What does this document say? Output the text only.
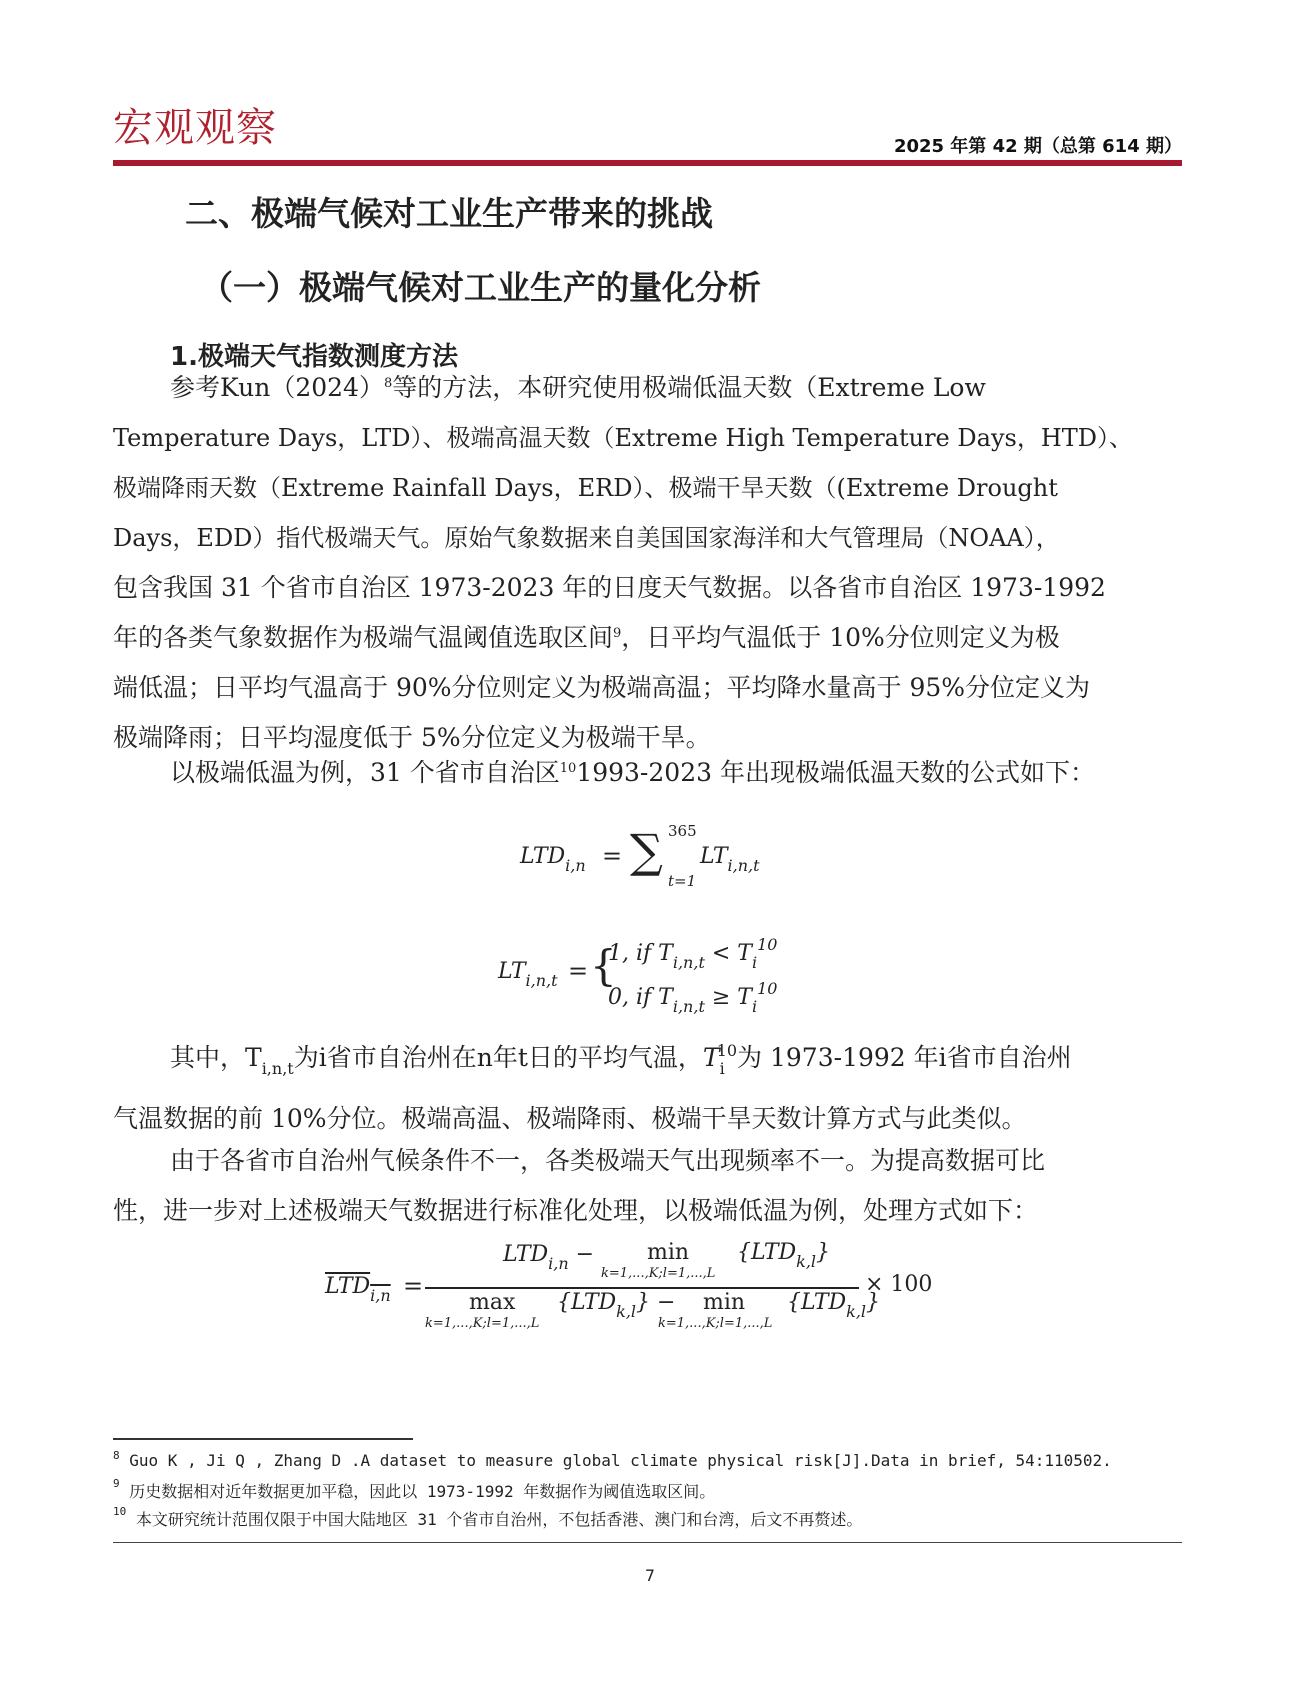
宏观观察	2025 年第 42 期（总第 614 期）
二、极端气候对工业生产带来的挑战
（一）极端气候对工业生产的量化分析
1.极端天气指数测度方法
参考$Kun(2024)^8$等的方法，本研究使用极端低温天数（Extreme Low
Temperature Days，LTD）、极端高温天数（Extreme High Temperature Days，HTD）、
极端降雨天数（Extreme Rainfall Days，ERD）、极端干旱天数（(Extreme Drought
Days，EDD）指代极端天气。原始气象数据来自美国国家海洋和大气管理局（NOAA），
包含我国 31 个省市自治区 1973-2023 年的日度天气数据。以各省市自治区 1973-1992
年的各类气象数据作为极端气温阈值选取区间$^9$，日平均气温低于 10%分位则定义为极
端低温；日平均气温高于 90%分位则定义为极端高温；平均降水量高于 95%分位定义为
极端降雨；日平均湿度低于 5%分位定义为极端干旱。
以极端低温为例，31 个省市自治区$^{10}$1993-2023 年出现极端低温天数的公式如下：
$LTD_{i,n}$ = ∑ 365
t=1
$LT_{i,n,t}$
$LT_{i,n,t}$ = {
1, if $T_{i,n,t} < T_i^{10}$
0, if $T_{i,n,t} \ge T_i^{10}$
其中，$T_{i,n,t}$为i省市自治州在n年t日的平均气温，$T_i^{10}$为 1973-1992 年i省市自治州
气温数据的前 10%分位。极端高温、极端降雨、极端干旱天数计算方式与此类似。
由于各省市自治州气候条件不一，各类极端天气出现频率不一。为提高数据可比
性，进一步对上述极端天气数据进行标准化处理，以极端低温为例，处理方式如下：
$LTD_{i,n}$ =
$LTD_{i,n} - \min$
k=1,...,K;l=1,...,L
$\{LTD_{k,l}\}$
max
k=1,...,K;l=1,...,L
$\{LTD_{k,l}\} - \min$
k=1,...,K;l=1,...,L
$\{LTD_{k,l}\}$
× 100
$^8$ Guo K , Ji Q , Zhang D .A dataset to measure global climate physical risk[J].Data in brief, 54:110502.
$^9$ 历史数据相对近年数据更加平稳，因此以 1973-1992 年数据作为阈值选取区间。
$^{10}$ 本文研究统计范围仅限于中国大陆地区 31 个省市自治州，不包括香港、澳门和台湾，后文不再赘述。
7
